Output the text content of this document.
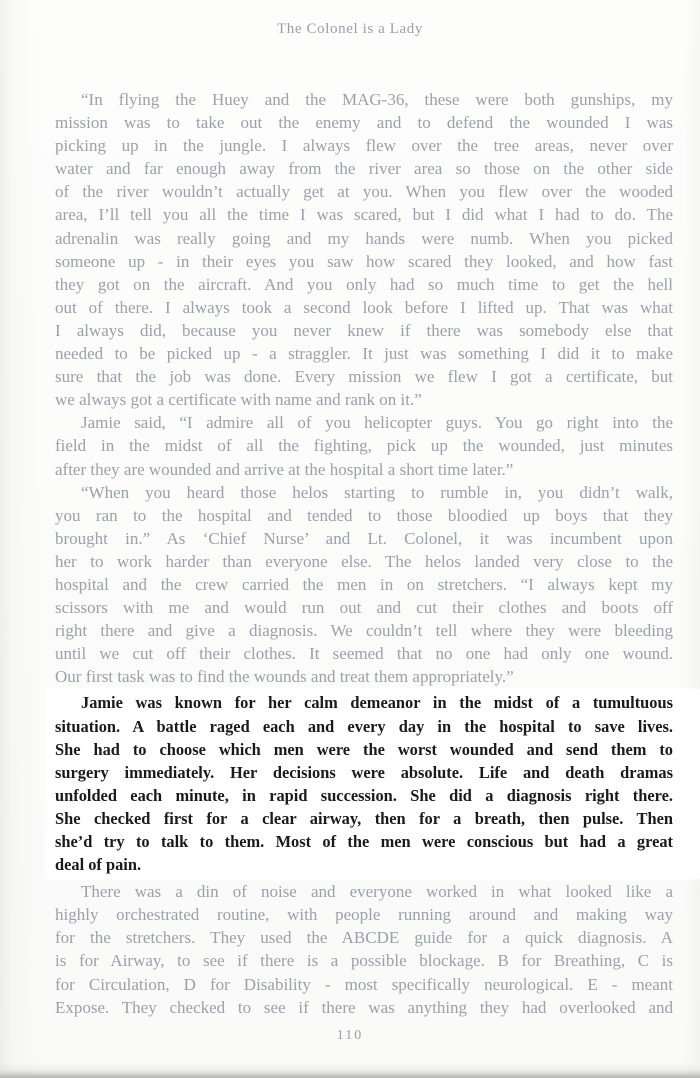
The Colonel is a Lady
“In flying the Huey and the MAG-36, these were both gunships, my
mission was to take out the enemy and to defend the wounded I was
picking up in the jungle. I always flew over the tree areas, never over
water and far enough away from the river area so those on the other side
of the river wouldn’t actually get at you. When you flew over the wooded
area, I’ll tell you all the time I was scared, but I did what I had to do. The
adrenalin was really going and my hands were numb. When you picked
someone up - in their eyes you saw how scared they looked, and how fast
they got on the aircraft. And you only had so much time to get the hell
out of there. I always took a second look before I lifted up. That was what
I always did, because you never knew if there was somebody else that
needed to be picked up - a straggler. It just was something I did it to make
sure that the job was done. Every mission we flew I got a certificate, but
we always got a certificate with name and rank on it.”
Jamie said, “I admire all of you helicopter guys. You go right into the
field in the midst of all the fighting, pick up the wounded, just minutes
after they are wounded and arrive at the hospital a short time later.”
“When you heard those helos starting to rumble in, you didn’t walk,
you ran to the hospital and tended to those bloodied up boys that they
brought in.” As ‘Chief Nurse’ and Lt. Colonel, it was incumbent upon
her to work harder than everyone else. The helos landed very close to the
hospital and the crew carried the men in on stretchers. “I always kept my
scissors with me and would run out and cut their clothes and boots off
right there and give a diagnosis. We couldn’t tell where they were bleeding
until we cut off their clothes. It seemed that no one had only one wound.
Our first task was to find the wounds and treat them appropriately.”
Jamie was known for her calm demeanor in the midst of a tumultuous
situation. A battle raged each and every day in the hospital to save lives.
She had to choose which men were the worst wounded and send them to
surgery immediately. Her decisions were absolute. Life and death dramas
unfolded each minute, in rapid succession. She did a diagnosis right there.
She checked first for a clear airway, then for a breath, then pulse. Then
she’d try to talk to them. Most of the men were conscious but had a great
deal of pain.
There was a din of noise and everyone worked in what looked like a
highly orchestrated routine, with people running around and making way
for the stretchers. They used the ABCDE guide for a quick diagnosis. A
is for Airway, to see if there is a possible blockage. B for Breathing, C is
for Circulation, D for Disability - most specifically neurological. E - meant
Expose. They checked to see if there was anything they had overlooked and
110
